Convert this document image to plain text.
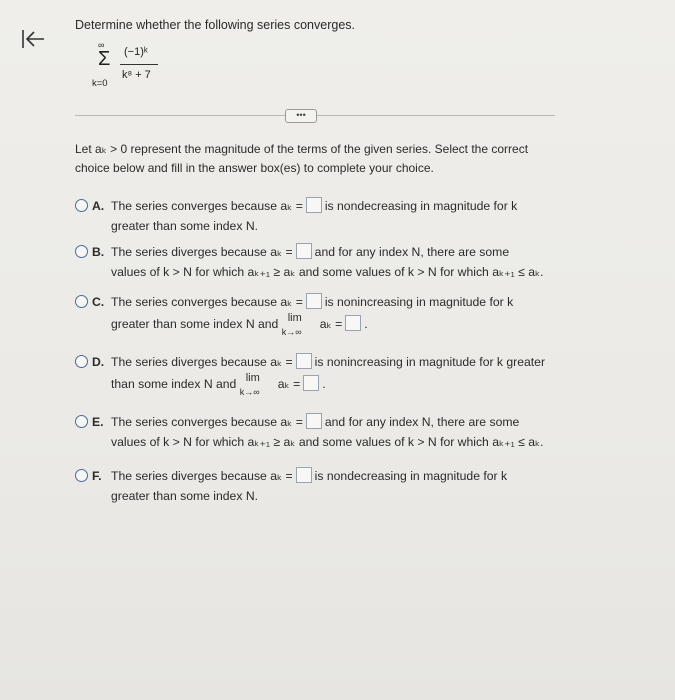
Determine whether the following series converges.
∞
Σ
k=0
(−1)ᵏ
k⁸ + 7
•••
Let aₖ > 0 represent the magnitude of the terms of the given series. Select the correct choice below and fill in the answer box(es) to complete your choice.
A. The series converges because aₖ = is nondecreasing in magnitude for k
greater than some index N.
B. The series diverges because aₖ = and for any index N, there are some
values of k > N for which aₖ₊₁ ≥ aₖ and some values of k > N for which aₖ₊₁ ≤ aₖ.
C. The series converges because aₖ = is nonincreasing in magnitude for k
greater than some index N and lim
k→∞
aₖ = .
D. The series diverges because aₖ = is nonincreasing in magnitude for k greater
than some index N and lim
k→∞
aₖ = .
E. The series converges because aₖ = and for any index N, there are some
values of k > N for which aₖ₊₁ ≥ aₖ and some values of k > N for which aₖ₊₁ ≤ aₖ.
F. The series diverges because aₖ = is nondecreasing in magnitude for k
greater than some index N.
